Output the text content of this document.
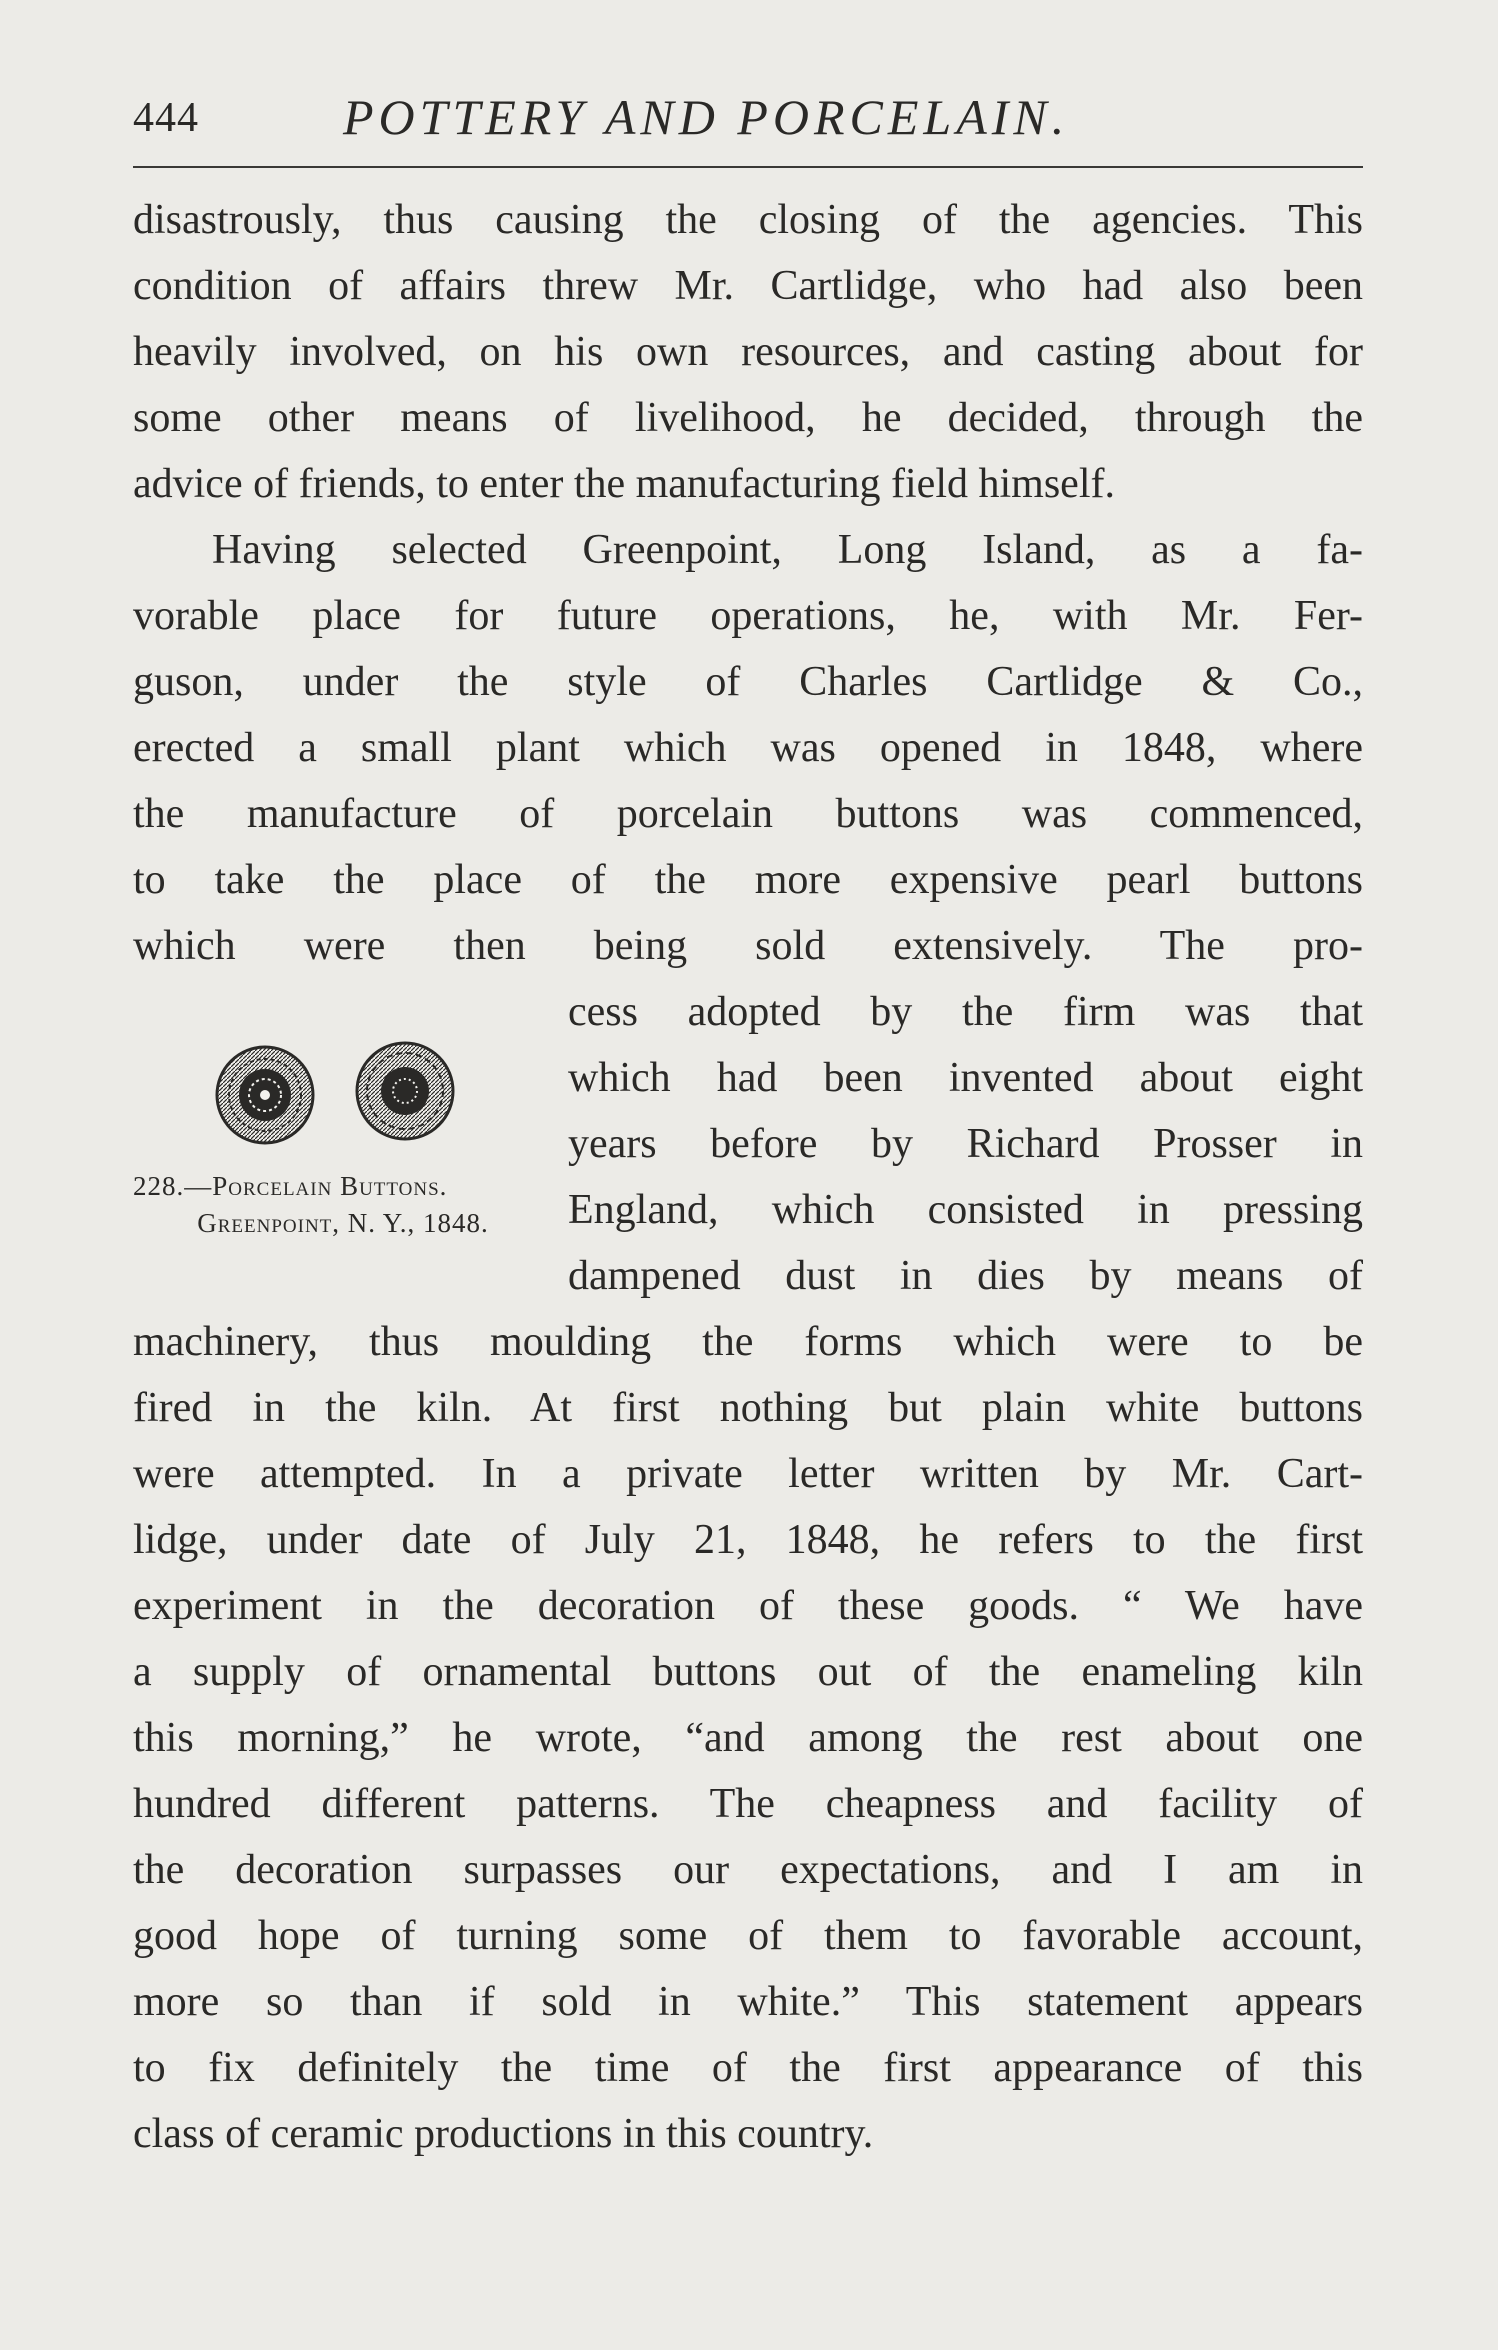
444	POTTERY AND PORCELAIN.
disastrously, thus causing the closing of the agencies. This
condition of affairs threw Mr. Cartlidge, who had also been
heavily involved, on his own resources, and casting about for
some other means of livelihood, he decided, through the
advice of friends, to enter the manufacturing field himself.
Having selected Greenpoint, Long Island, as a fa-
vorable place for future operations, he, with Mr. Fer-
guson, under the style of Charles Cartlidge & Co.,
erected a small plant which was opened in 1848, where
the manufacture of porcelain buttons was commenced,
to take the place of the more expensive pearl buttons
which were then being sold extensively. The pro-
cess adopted by the firm was that
which had been invented about eight
years before by Richard Prosser in
England, which consisted in pressing
dampened dust in dies by means of
machinery, thus moulding the forms which were to be
fired in the kiln. At first nothing but plain white buttons
were attempted. In a private letter written by Mr. Cart-
lidge, under date of July 21, 1848, he refers to the first
experiment in the decoration of these goods. “ We have
a supply of ornamental buttons out of the enameling kiln
this morning,” he wrote, “and among the rest about one
hundred different patterns. The cheapness and facility of
the decoration surpasses our expectations, and I am in
good hope of turning some of them to favorable account,
more so than if sold in white.” This statement appears
to fix definitely the time of the first appearance of this
class of ceramic productions in this country.
228.—Porcelain Buttons.
Greenpoint, N. Y., 1848.
